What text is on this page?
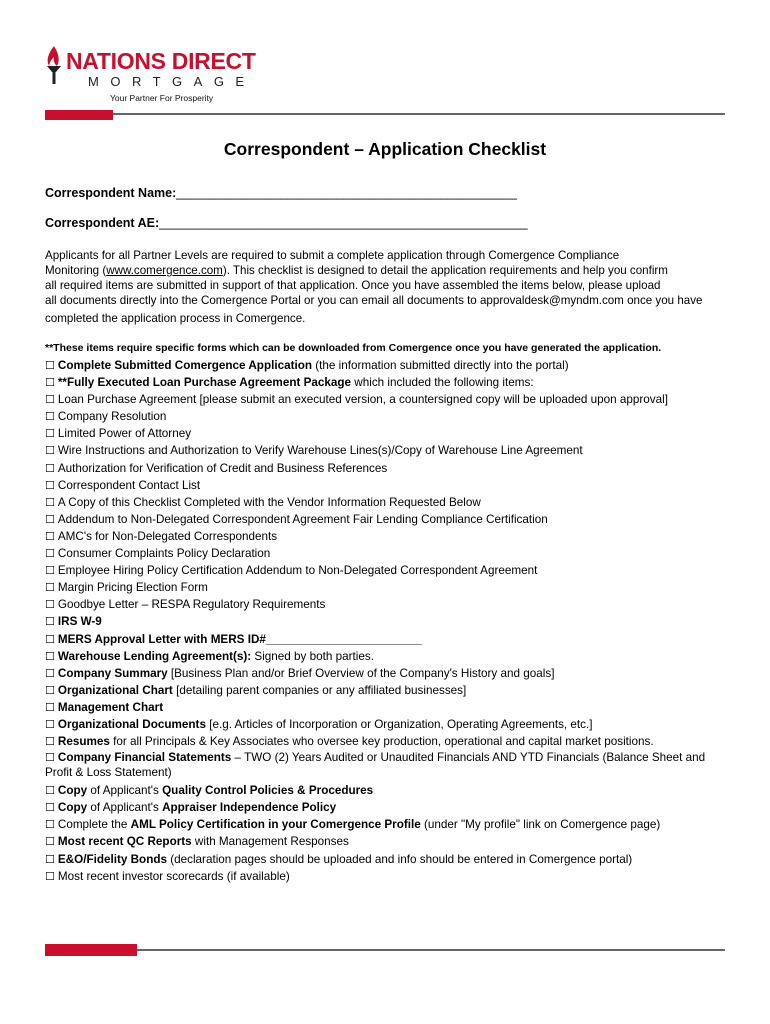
NATIONS DIRECT
MORTGAGE
Your Partner For Prosperity
Correspondent – Application Checklist
Correspondent Name:_________________________________________________
Correspondent AE:_____________________________________________________
Applicants for all Partner Levels are required to submit a complete application through Comergence Compliance
Monitoring (www.comergence.com). This checklist is designed to detail the application requirements and help you confirm
all required items are submitted in support of that application. Once you have assembled the items below, please upload
all documents directly into the Comergence Portal or you can email all documents to approvaldesk@myndm.com once you have
completed the application process in Comergence.
**These items require specific forms which can be downloaded from Comergence once you have generated the application.
☐ Complete Submitted Comergence Application (the information submitted directly into the portal)
☐ **Fully Executed Loan Purchase Agreement Package which included the following items:
☐ Loan Purchase Agreement [please submit an executed version, a countersigned copy will be uploaded upon approval]
☐ Company Resolution
☐ Limited Power of Attorney
☐ Wire Instructions and Authorization to Verify Warehouse Lines(s)/Copy of Warehouse Line Agreement
☐ Authorization for Verification of Credit and Business References
☐ Correspondent Contact List
☐ A Copy of this Checklist Completed with the Vendor Information Requested Below
☐ Addendum to Non-Delegated Correspondent Agreement Fair Lending Compliance Certification
☐ AMC's for Non-Delegated Correspondents
☐ Consumer Complaints Policy Declaration
☐ Employee Hiring Policy Certification Addendum to Non-Delegated Correspondent Agreement
☐ Margin Pricing Election Form
☐ Goodbye Letter – RESPA Regulatory Requirements
☐ IRS W-9
☐ MERS Approval Letter with MERS ID#________________________
☐ Warehouse Lending Agreement(s): Signed by both parties.
☐ Company Summary [Business Plan and/or Brief Overview of the Company's History and goals]
☐ Organizational Chart [detailing parent companies or any affiliated businesses]
☐ Management Chart
☐ Organizational Documents [e.g. Articles of Incorporation or Organization, Operating Agreements, etc.]
☐ Resumes for all Principals & Key Associates who oversee key production, operational and capital market positions.
☐ Company Financial Statements – TWO (2) Years Audited or Unaudited Financials AND YTD Financials (Balance Sheet and Profit & Loss Statement)
☐ Copy of Applicant's Quality Control Policies & Procedures
☐ Copy of Applicant's Appraiser Independence Policy
☐ Complete the AML Policy Certification in your Comergence Profile (under "My profile" link on Comergence page)
☐ Most recent QC Reports with Management Responses
☐ E&O/Fidelity Bonds (declaration pages should be uploaded and info should be entered in Comergence portal)
☐ Most recent investor scorecards (if available)
